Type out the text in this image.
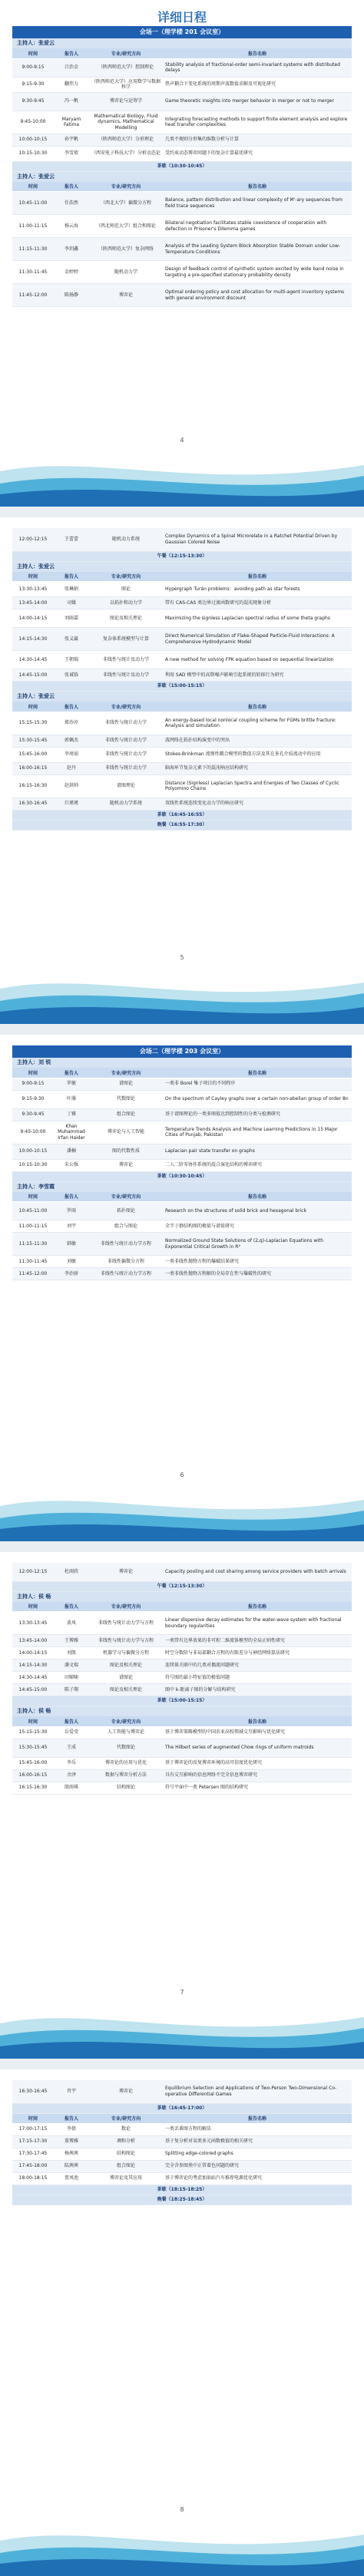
详细日程
会场一（理学楼 201 会议室）
主持人：张爱云
时间	报告人	专业/研究方向	报告名称
9:00-9:15	吕治金	（陕西师范大学）控制理论	Stability analysis of fractional-order semi-invariant systems with distributed delays
9:15-9:30	翻伟力	（陕西师范大学）应用数学与数据科学	热声耦合下变化系统的周期声波数值求解及可视化研究
9:30-9:45	冯一帆	博弈论与运筹学	Game theoretic insights into merger behavior in merger or not to merger
9:45-10:00	Maryam Fatima	Mathematical Biology, Fluid dynamics, Mathematical Modelling	Integrating forecasting methods to support finite element analysis and explore heat transfer complexities
10:00-10:15	孙宇帆	（陕西师范大学）分形理论	几类不规则分形集的维数分析与计算
10:15-10:30	李雪倩	（西安电子科技大学）分析动态论	受约束动态博弈问题下的复杂计算最优研究
茶歇（10:30-10:45）			
主持人：张爱云
时间	报告人	专业/研究方向	报告名称
10:45-11:00	任浩然	（西北大学）偏微分方程	Balance, pattern distribution and linear complexity of M'-ary sequences from field trace sequences
11:00-11:15	杨云海	（西北师范大学）组合和图论	Bilateral negotiation facilitates stable coexistence of cooperation with defection in Prisoner's Dilemma games
11:15-11:30	李玥鑫	（陕西师范大学）复杂网络	Analysis of the Leading System Block Absorption Stable Domain under Low-Temperature Conditions
11:30-11:45	金婷婷	随机动力学	Design of feedback control of synthetic system excited by wide band noise in targeting a pre-specified stationary probability density
11:45-12:00	陈扬静	博弈论	Optimal ordering policy and cost allocation for multi-agent inventory systems with general environment discount
4
12:00-12:15	王蕾蕾	随机动力系统	Complex Dynamics of a Spinal Microrelate in a Ratchet Potential Driven by Gaussian Colored Noise
午餐（12:15-13:30）
主持人：张爱云
时间	报告人	专业/研究方向	报告名称
13:30-13:45	张琳娟	图论	Hypergraph Turán problems：avoiding path as star forests
13:45-14:00	司媛	以拓扑和动力学	带有 CAS-CAS 类边界过渡函数研究的混沌现象分析
14:00-14:15	刘雨嘉	图论及相关理论	Maximizing the signless Laplacian spectral radius of some theta graphs
14:15-14:30	张义赢	复杂体系统模型与计算	Direct Numerical Simulation of Flake-Shaped Particle-Fluid Interactions: A Comprehensive Hydrodynamic Model
14:30-14:45	王朝瑞	非线性与统计及动力学	A new method for solving FPK equation based on sequential linearization
14:45-15:00	张诚铄	非线性与统计及动力学	利用 SAD 模型中的高斯噪声影响引起系统的转移行为研究
茶歇（15:00-15:15）			
主持人：张爱云
时间	报告人	专业/研究方向	报告名称
15:15-15:30	郑沙淳	非线性与统计动力学	An energy-based local nonlocal coupling scheme for FGMs brittle fracture: Analysis and simulation
15:30-15:45	郭佩杰	非线性与统计动力学	波网络在拓扑结构演变中的突出
15:45-16:00	李周弱	非线性与统计动力学	Stokes-Brinkman 流弹性耦合模型的数值方法及其在多孔介质流动中的应用
16:00-16:15	赵丹	非线性与统计动力学	脑海环节复杂元素下的混沌响应结构研究
16:15-16:30	赵洪帅	谱图理论	Distance (Signless) Laplacian Spectra and Energies of Two Classes of Cyclic Polyomino Chains
16:30-16:45	巨瑾瑾	随机动力学系统	双线性系统连续变化动力学的响应研究
茶歇（16:45-16:55）			
晚餐（16:55-17:30）			
5
会场二（理学楼 203 会议室）
主持人：刘 锐
时间	报告人	专业/研究方向	报告名称
9:00-9:15	罗敏	谱图论	一类非 Borel 集子项目的不同程序
9:15-9:30	叶藻	代数图论	On the spectrum of Cayley graphs over a certain non-abelian group of order 8n
9:30-9:45	丁雅	组合图论	基于谱图理论的一类多图值达到控制性的分类与检测研究
9:45-10:00	Khan Muhammad Irfan Haider	博弈论与人工智能	Temperature Trends Analysis and Machine Learning Predictions in 15 Major Cities of Punjab, Pakistan
10:00-10:15	潘楠	图的代数性质	Laplacian pair state transfer on graphs
10:15-10:30	朱公强	博弈论	二人二阶零协作系统的混合演化结构的博弈研究
茶歇（10:30-10:45）			
主持人：李雪霞
时间	报告人	专业/研究方向	报告名称
10:45-11:00	罗雨	拓扑图论	Research on the structures of solid brick and hexagonal brick
11:00-11:15	刘宇	组合与图论	全半子群结构图的极值与谱值研究
11:15-11:30	韩敏	非线性与统计动力学方程	Normalized Ground State Solutions of (2,q)-Laplacian Equations with Exponential Critical Growth in R²
11:30-11:45	刘敏	非线性偏微分方程	一类非线性抛物方程的爆破结果研究
11:45-12:00	李治骄	非线性与统计动力学方程	一类非线性抛物方程解的全局存在性与爆破性的研究
6
12:00-12:15	杜雨欣	博弈论	Capacity pooling and cost sharing among service providers with batch arrivals
午餐（12:15-13:30）
主持人：侯 畅
时间	报告人	专业/研究方向	报告名称
13:30-13:45	黄凤	非线性与统计动力学与方程	Linear dispersive decay estimates for the water-wave system with fractional boundary regularities
13:45-14:00	王博雅	非线性与统计动力学与方程	一类带有边界效果的非可积二维流体模型的全局正则性研究
14:00-14:15	刘凯	机器学习与偏微分方程	时空分数阶与非局部耦合方程的有限差分与神经网络算法研究
14:15-14:30	潘文瑞	图论及相关理论	连续体关联中的几类对偶流问题研究
14:30-14:45	田啸啸	谱图论	符号图的最小特征值的极值问题
14:45-15:00	陈子翔	图论及相关理论	图中 k-距离子图的分解与结构研究
茶歇（15:00-15:15）			
主持人：侯 畅
时间	报告人	专业/研究方向	报告名称
15:15-15:30	岳爱莹	人工智能与博弈论	基于博弈策略模型的中国农业高校领域交互影响与优化研究
15:30-15:45	王成	代数图论	The Hilbert series of augmented Chow rings of uniform matroids
15:45-16:00	李乐	博弈论的应用与优化	基于博弈论的反复博弈环境的高可信度优化研究
16:00-16:15	余泽	数据与博弈分析方法	具有交互影响的信息网络不完全信息博弈研究
16:15-16:30	殷雨琪	结构图论	符号平面中一类 Petersen 图的结构研究
7
16:30-16:45	肖宇	博弈论	Equilibrium Selection and Applications of Two-Person Two-Dimensional Co-operative Differential Games
茶歇（16:45-17:00）			
时间	报告人	专业/研究方向	报告名称
17:00-17:15	李倩	数论	一类丢番图方程的解法
17:15-17:30	董博雅	调和分析	基于复分析对某类多元函数极值的相关研究
17:30-17:45	杨茜茜	结构图论	Splitting edge-colored graphs
17:45-18:00	陆茜茜	组合图论	完全含参图类中正常着色问题的研究
18:00-18:15	贾凤池	博弈论及其应用	基于博弈论的考虑加油站汽车推荐电源优化研究
茶歇（18:15-18:25）			
晚餐（18:25-18:45）			
8
